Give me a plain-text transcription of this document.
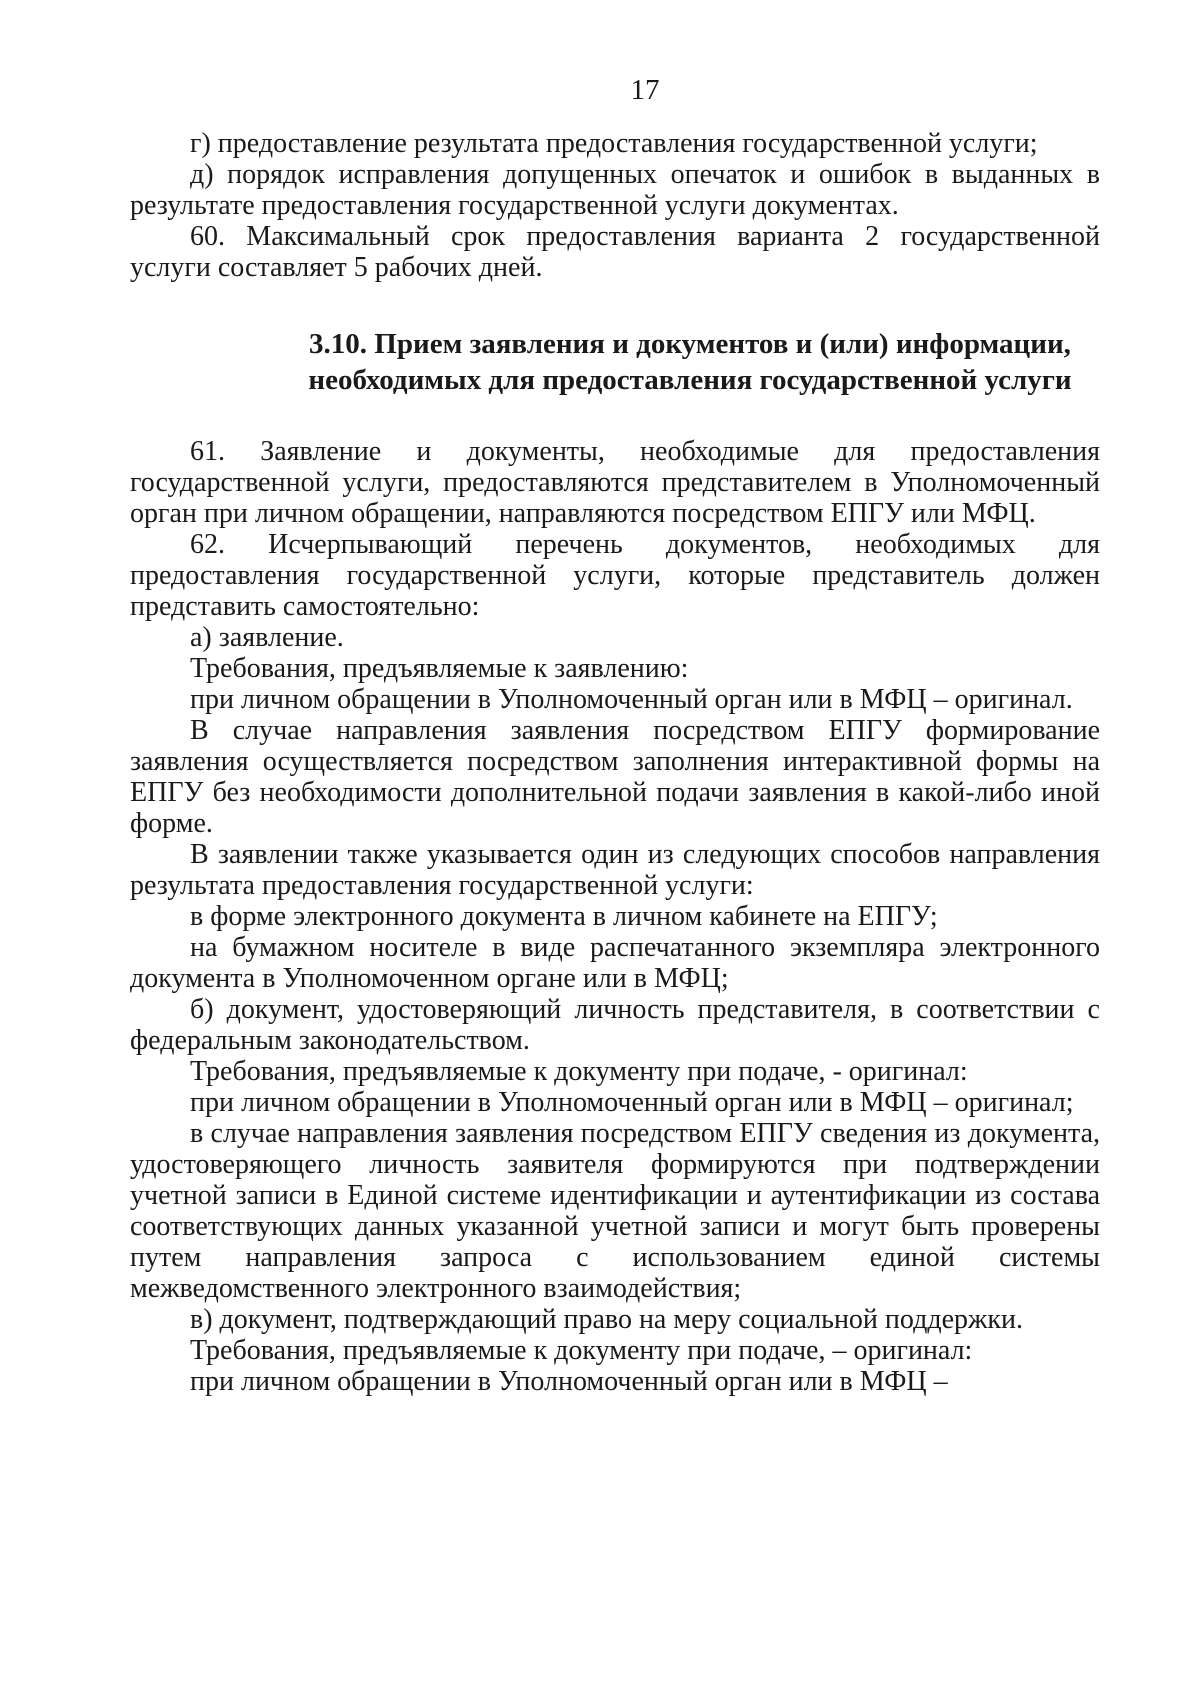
17

г) предоставление результата предоставления государственной услуги;

д) порядок исправления допущенных опечаток и ошибок в выданных в результате предоставления государственной услуги документах.

60. Максимальный срок предоставления варианта 2 государственной услуги составляет 5 рабочих дней.

3.10. Прием заявления и документов и (или) информации,
необходимых для предоставления государственной услуги

61. Заявление и документы, необходимые для предоставления государственной услуги, предоставляются представителем в Уполномоченный орган при личном обращении, направляются посредством ЕПГУ или МФЦ.

62. Исчерпывающий перечень документов, необходимых для предоставления государственной услуги, которые представитель должен представить самостоятельно:

а) заявление.

Требования, предъявляемые к заявлению:

при личном обращении в Уполномоченный орган или в МФЦ – оригинал.

В случае направления заявления посредством ЕПГУ формирование заявления осуществляется посредством заполнения интерактивной формы на ЕПГУ без необходимости дополнительной подачи заявления в какой-либо иной форме.

В заявлении также указывается один из следующих способов направления результата предоставления государственной услуги:

в форме электронного документа в личном кабинете на ЕПГУ;

на бумажном носителе в виде распечатанного экземпляра электронного документа в Уполномоченном органе или в МФЦ;

б) документ, удостоверяющий личность представителя, в соответствии с федеральным законодательством.

Требования, предъявляемые к документу при подаче, - оригинал:

при личном обращении в Уполномоченный орган или в МФЦ – оригинал;

в случае направления заявления посредством ЕПГУ сведения из документа, удостоверяющего личность заявителя формируются при подтверждении учетной записи в Единой системе идентификации и аутентификации из состава соответствующих данных указанной учетной записи и могут быть проверены путем направления запроса с использованием единой системы межведомственного электронного взаимодействия;

в) документ, подтверждающий право на меру социальной поддержки.

Требования, предъявляемые к документу при подаче, – оригинал:

при личном обращении в Уполномоченный орган или в МФЦ –
